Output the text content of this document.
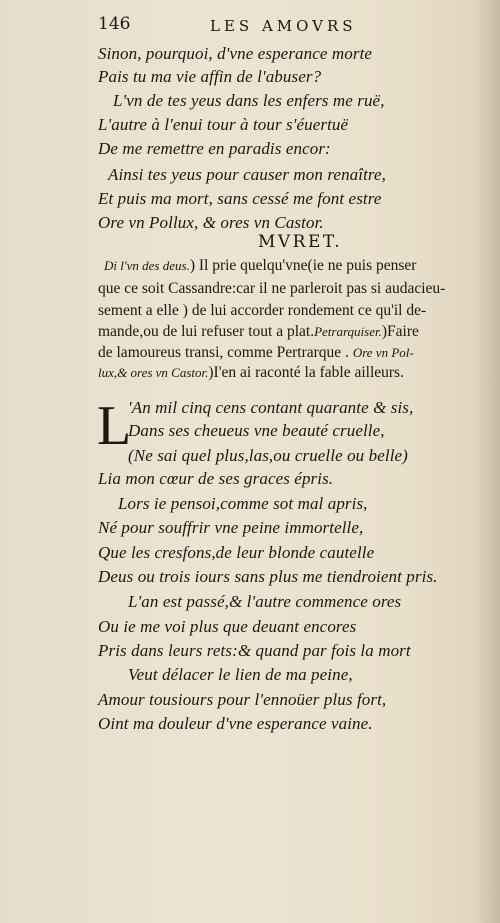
146	LES AMOVRS
Sinon, pourquoi, d'vne esperance morte
Pais tu ma vie affin de l'abuser?
L'vn de tes yeus dans les enfers me ruë,
L'autre à l'enui tour à tour s'éuertuë
De me remettre en paradis encor:
Ainsi tes yeus pour causer mon renaître,
Et puis ma mort, sans cessé me font estre
Ore vn Pollux, & ores vn Castor.
MVRET.
Di l'vn des deus.) Il prie quelqu'vne(ie ne puis penser
que ce soit Cassandre:car il ne parleroit pas si audacieu-
sement a elle ) de lui accorder rondement ce qu'il de-
mande,ou de lui refuser tout a plat.Petrarquiser.)Faire
de lamoureus transi, comme Pertrarque . Ore vn Pol-
lux,& ores vn Castor.)I'en ai raconté la fable ailleurs.
L
'An mil cinq cens contant quarante & sis,
Dans ses cheueus vne beauté cruelle,
(Ne sai quel plus,las,ou cruelle ou belle)
Lia mon cœur de ses graces épris.
Lors ie pensoi,comme sot mal apris,
Né pour souffrir vne peine immortelle,
Que les cresfons,de leur blonde cautelle
Deus ou trois iours sans plus me tiendroient pris.
L'an est passé,& l'autre commence ores
Ou ie me voi plus que deuant encores
Pris dans leurs rets:& quand par fois la mort
Veut délacer le lien de ma peine,
Amour tousiours pour l'ennoüer plus fort,
Oint ma douleur d'vne esperance vaine.
